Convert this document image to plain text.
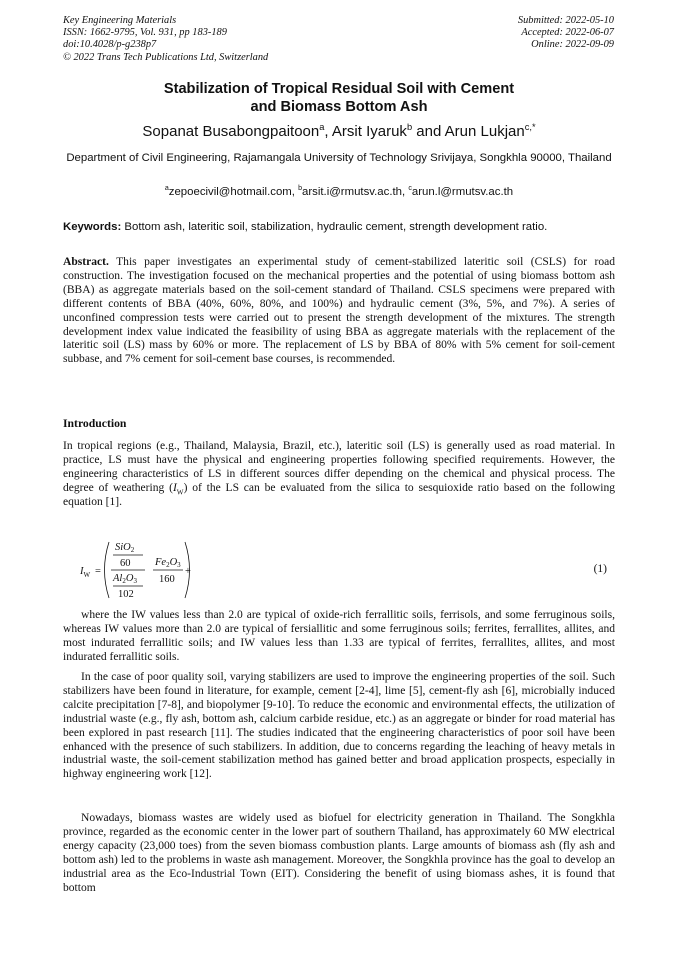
Key Engineering Materials
ISSN: 1662-9795, Vol. 931, pp 183-189
doi:10.4028/p-g238p7
© 2022 Trans Tech Publications Ltd, Switzerland
Submitted: 2022-05-10
Accepted: 2022-06-07
Online: 2022-09-09
Stabilization of Tropical Residual Soil with Cement
and Biomass Bottom Ash
Sopanat Busabongpaitoon$^a$, Arsit Iyaruk$^b$ and Arun Lukjan$^{c,*}$
Department of Civil Engineering, Rajamangala University of Technology Srivijaya, Songkhla 90000, Thailand
$^a$zepoecivil@hotmail.com, $^b$arsit.i@rmutsv.ac.th, $^c$arun.l@rmutsv.ac.th
Keywords: Bottom ash, lateritic soil, stabilization, hydraulic cement, strength development ratio.

Abstract. This paper investigates an experimental study of cement-stabilized lateritic soil (CSLS) for road construction. The investigation focused on the mechanical properties and the potential of using biomass bottom ash (BBA) as aggregate materials based on the soil-cement standard of Thailand. CSLS specimens were prepared with different contents of BBA (40%, 60%, 80%, and 100%) and hydraulic cement (3%, 5%, and 7%). A series of unconfined compression tests were carried out to present the strength development of the mixtures. The strength development index value indicated the feasibility of using BBA as aggregate materials with the replacement of the lateritic soil (LS) mass by 60% or more. The replacement of LS by BBA of 80% with 5% cement for soil-cement subbase, and 7% cement for soil-cement base courses, is recommended.

Introduction

In tropical regions (e.g., Thailand, Malaysia, Brazil, etc.), lateritic soil (LS) is generally used as road material. In practice, LS must have the physical and engineering properties following specified requirements. However, the engineering characteristics of LS in different sources differ depending on the chemical and physical process. The degree of weathering $(I_W)$ of the LS can be evaluated from the silica to sesquioxide ratio based on the following equation [1].

$I_W$ =
SiO2
60
Al2O3
102
Fe2O3
160
+	(1)

where the IW values less than 2.0 are typical of oxide-rich ferrallitic soils, ferrisols, and some ferruginous soils, whereas IW values more than 2.0 are typical of fersiallitic and some ferruginous soils; ferrites, ferrallites, allites, and most indurated ferrallitic soils; and IW values less than 1.33 are typical of ferrites, ferrallites, allites, and most indurated ferrallitic soils.

In the case of poor quality soil, varying stabilizers are used to improve the engineering properties of the soil. Such stabilizers have been found in literature, for example, cement [2-4], lime [5], cement-fly ash [6], microbially induced calcite precipitation [7-8], and biopolymer [9-10]. To reduce the economic and environmental effects, the utilization of industrial waste (e.g., fly ash, bottom ash, calcium carbide residue, etc.) as an aggregate or binder for road material has been explored in past research [11]. The studies indicated that the engineering characteristics of poor soil have been enhanced with the presence of such stabilizers. In addition, due to concerns regarding the leaching of heavy metals in industrial waste, the soil-cement stabilization method has gained better and broad application prospects, especially in highway engineering work [12].

Nowadays, biomass wastes are widely used as biofuel for electricity generation in Thailand. The Songkhla province, regarded as the economic center in the lower part of southern Thailand, has approximately 60 MW electrical energy capacity (23,000 toes) from the seven biomass combustion plants. Large amounts of biomass ash (fly ash and bottom ash) led to the problems in waste ash management. Moreover, the Songkhla province has the goal to develop an industrial area as the Eco-Industrial Town (EIT). Considering the benefit of using biomass ashes, it is found that bottom
